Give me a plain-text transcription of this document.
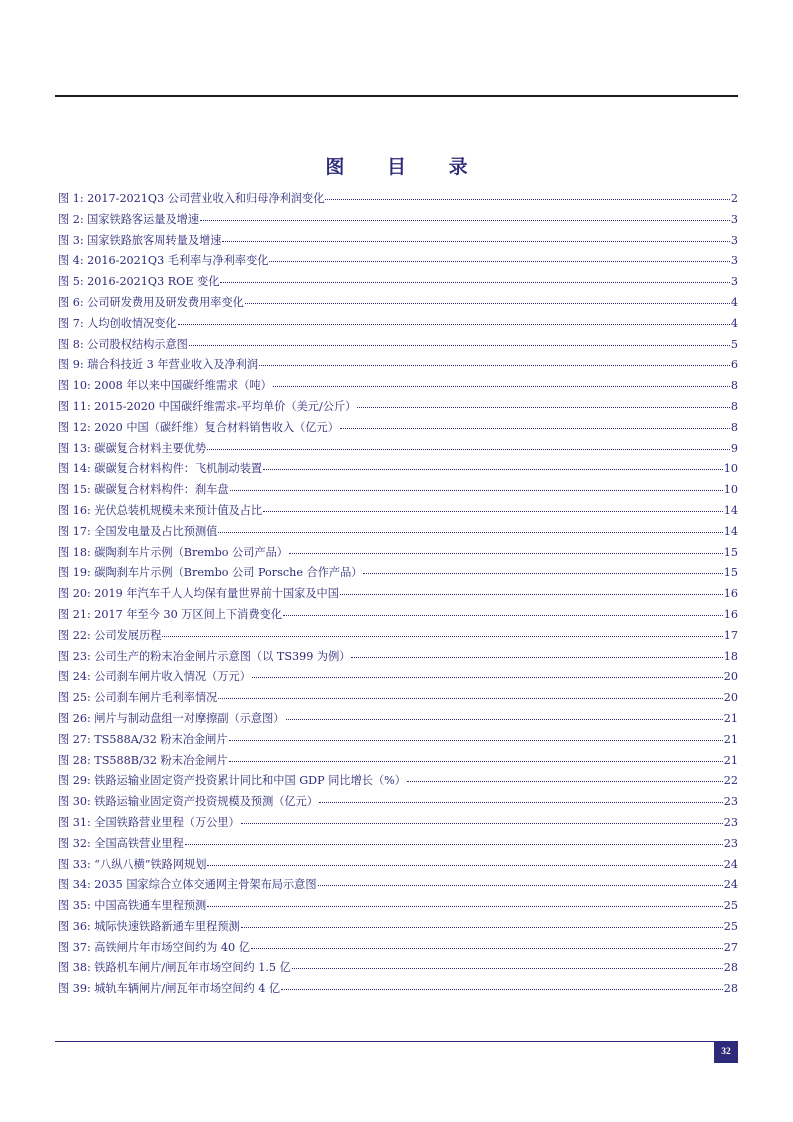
图 目 录
图 1: 2017-2021Q3 公司营业收入和归母净利润变化	2
图 2: 国家铁路客运量及增速	3
图 3: 国家铁路旅客周转量及增速	3
图 4: 2016-2021Q3 毛利率与净利率变化	3
图 5: 2016-2021Q3 ROE 变化	3
图 6: 公司研发费用及研发费用率变化	4
图 7: 人均创收情况变化	4
图 8: 公司股权结构示意图	5
图 9: 瑞合科技近 3 年营业收入及净利润	6
图 10: 2008 年以来中国碳纤维需求（吨）	8
图 11: 2015-2020 中国碳纤维需求-平均单价（美元/公斤）	8
图 12: 2020 中国（碳纤维）复合材料销售收入（亿元）	8
图 13: 碳碳复合材料主要优势	9
图 14: 碳碳复合材料构件：飞机制动装置	10
图 15: 碳碳复合材料构件：刹车盘	10
图 16: 光伏总装机规模未来预计值及占比	14
图 17: 全国发电量及占比预测值	14
图 18: 碳陶刹车片示例（Brembo 公司产品）	15
图 19: 碳陶刹车片示例（Brembo 公司 Porsche 合作产品）	15
图 20: 2019 年汽车千人人均保有量世界前十国家及中国	16
图 21: 2017 年至今 30 万区间上下消费变化	16
图 22: 公司发展历程	17
图 23: 公司生产的粉末冶金闸片示意图（以 TS399 为例）	18
图 24: 公司刹车闸片收入情况（万元）	20
图 25: 公司刹车闸片毛利率情况	20
图 26: 闸片与制动盘组一对摩擦副（示意图）	21
图 27: TS588A/32 粉末冶金闸片	21
图 28: TS588B/32 粉末冶金闸片	21
图 29: 铁路运输业固定资产投资累计同比和中国 GDP 同比增长（%）	22
图 30: 铁路运输业固定资产投资规模及预测（亿元）	23
图 31: 全国铁路营业里程（万公里）	23
图 32: 全国高铁营业里程	23
图 33: “八纵八横”铁路网规划	24
图 34: 2035 国家综合立体交通网主骨架布局示意图	24
图 35: 中国高铁通车里程预测	25
图 36: 城际快速铁路新通车里程预测	25
图 37: 高铁闸片年市场空间约为 40 亿	27
图 38: 铁路机车闸片/闸瓦年市场空间约 1.5 亿	28
图 39: 城轨车辆闸片/闸瓦年市场空间约 4 亿	28
32
